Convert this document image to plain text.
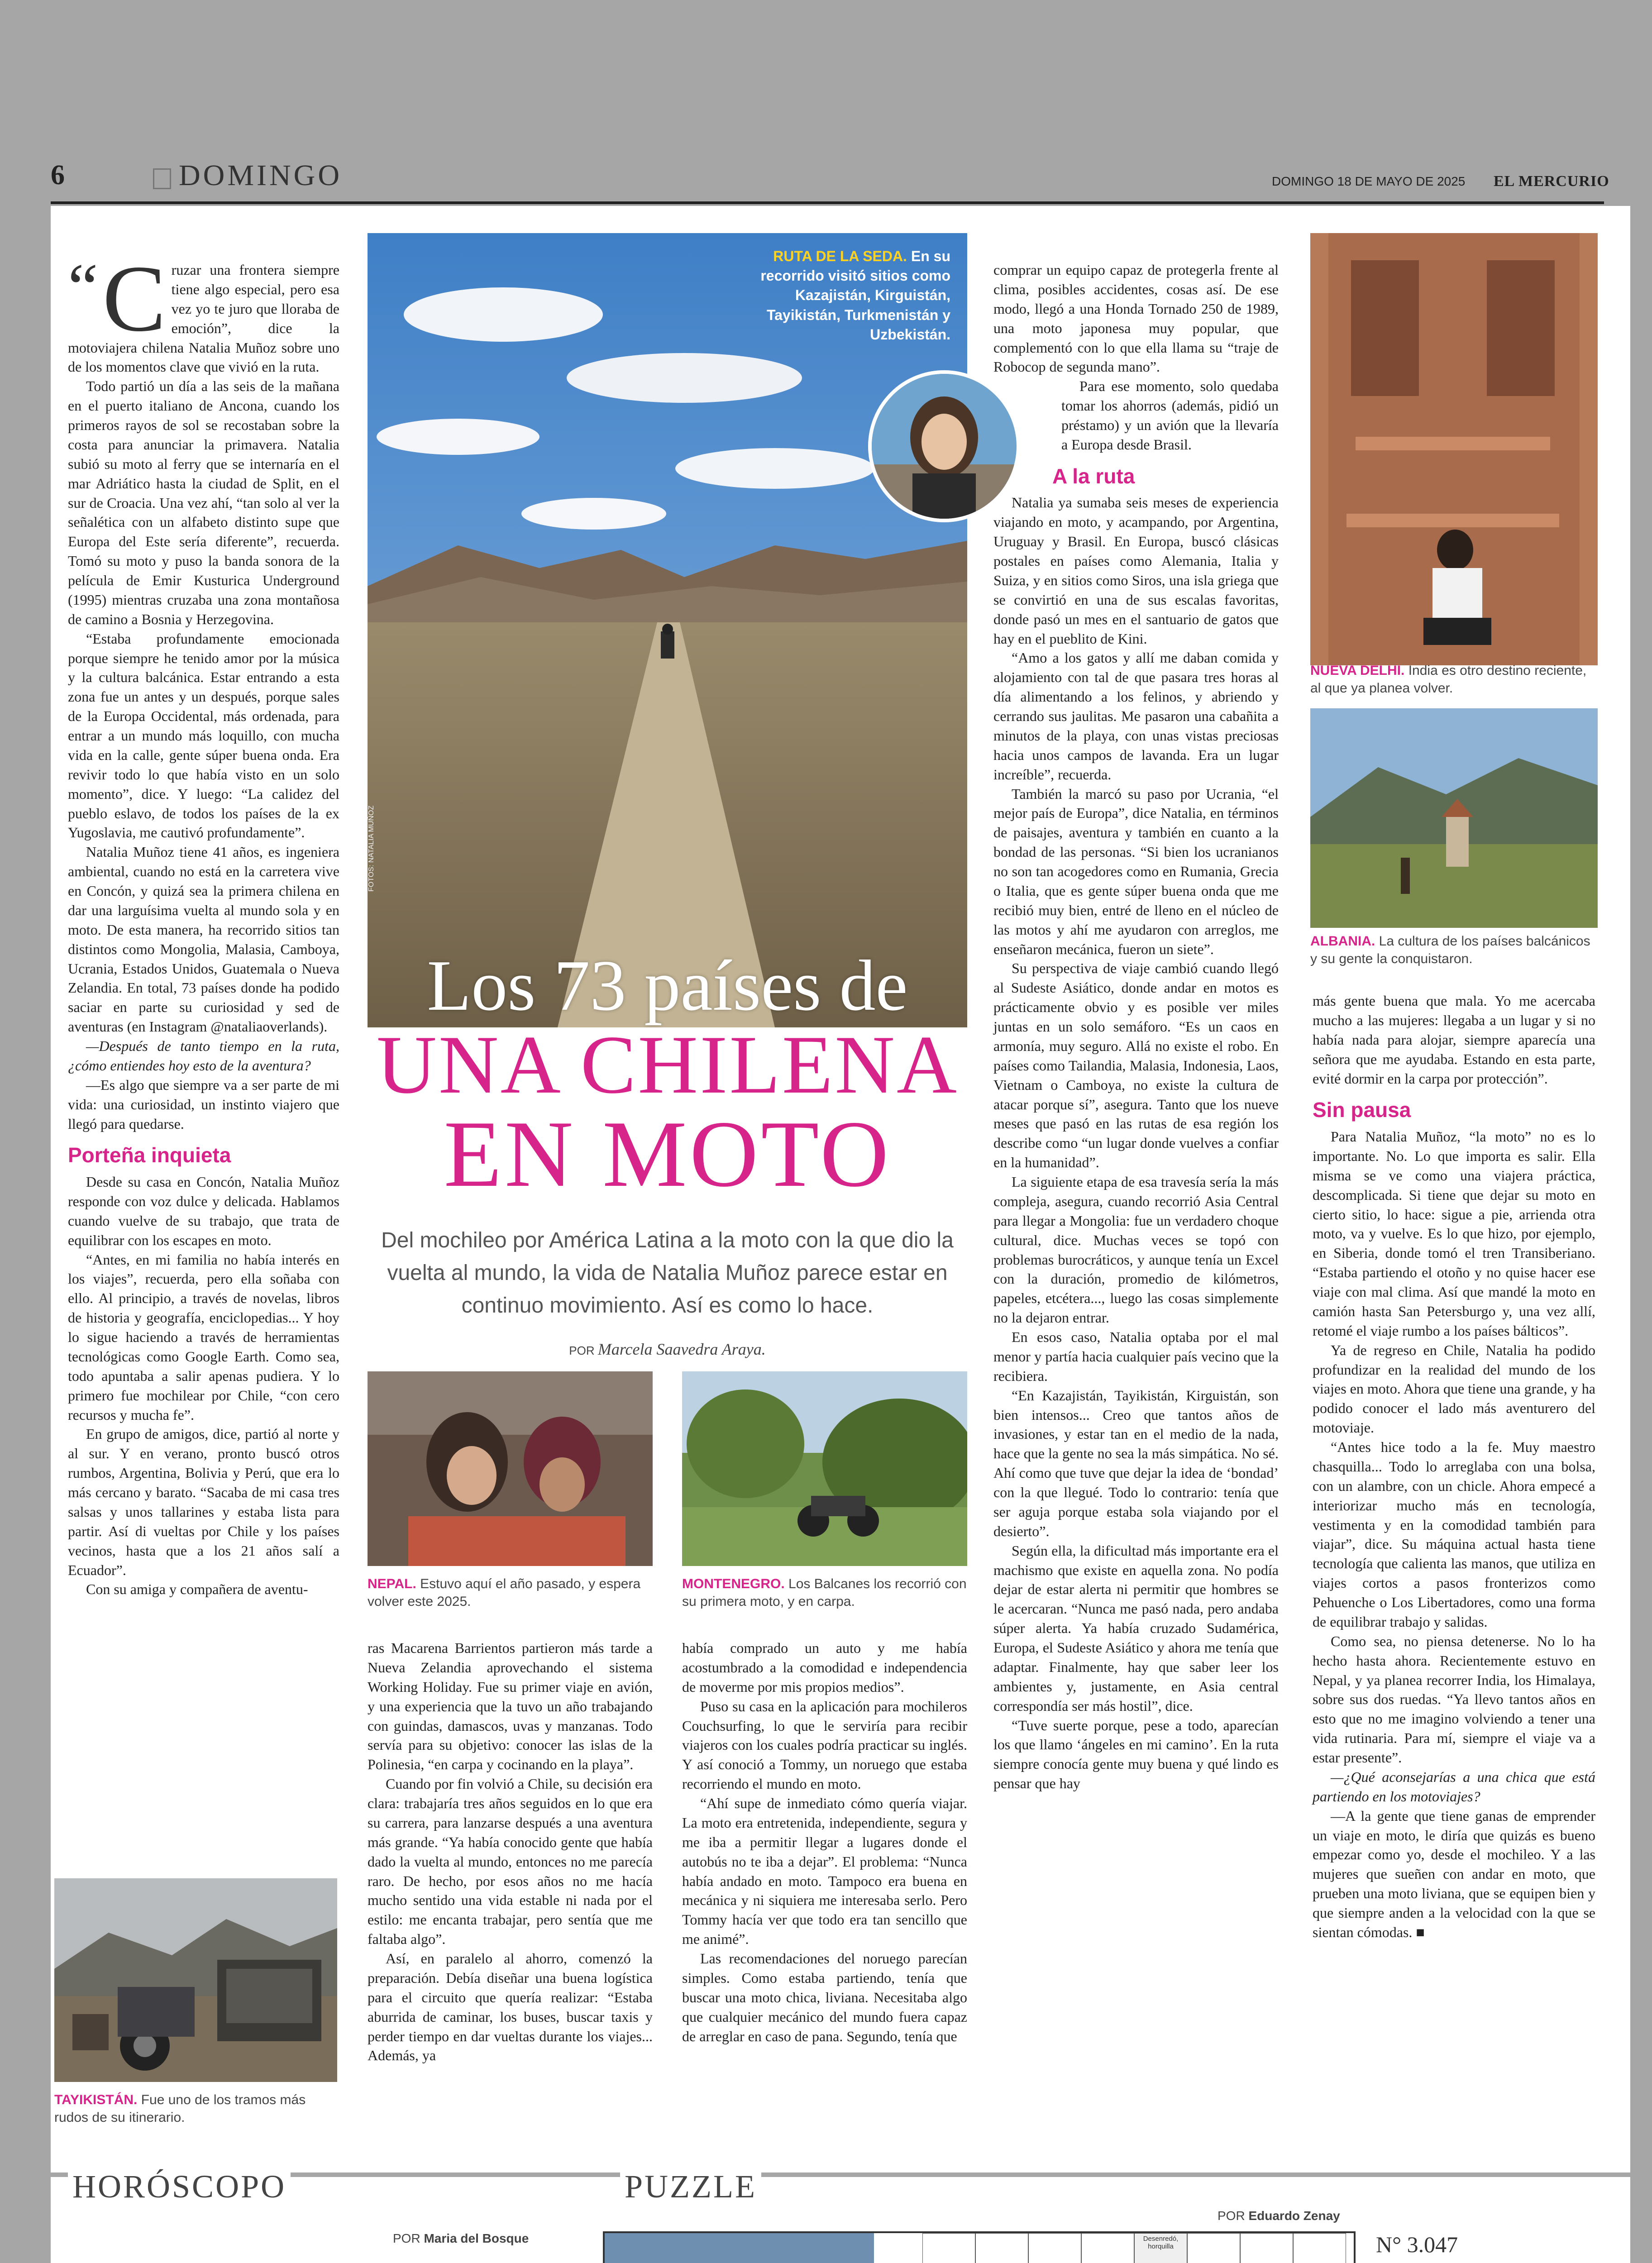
6	DOMINGO	DOMINGO 18 DE MAYO DE 2025 EL MERCURIO

“ C ruzar una frontera siempre tiene algo especial, pero esa vez yo te juro que lloraba de emoción”, dice la motoviajera chilena Natalia Muñoz sobre uno de los momentos clave que vivió en la ruta.

Todo partió un día a las seis de la mañana en el puerto italiano de Ancona, cuando los primeros rayos de sol se recostaban sobre la costa para anunciar la primavera. Natalia subió su moto al ferry que se internaría en el mar Adriático hasta la ciudad de Split, en el sur de Croacia. Una vez ahí, “tan solo al ver la señalética con un alfabeto distinto supe que Europa del Este sería diferente”, recuerda. Tomó su moto y puso la banda sonora de la película de Emir Kusturica Underground (1995) mientras cruzaba una zona montañosa de camino a Bosnia y Herzegovina.

“Estaba profundamente emocionada porque siempre he tenido amor por la música y la cultura balcánica. Estar entrando a esta zona fue un antes y un después, porque sales de la Europa Occidental, más ordenada, para entrar a un mundo más loquillo, con mucha vida en la calle, gente súper buena onda. Era revivir todo lo que había visto en un solo momento”, dice. Y luego: “La calidez del pueblo eslavo, de todos los países de la ex Yugoslavia, me cautivó profundamente”.

Natalia Muñoz tiene 41 años, es ingeniera ambiental, cuando no está en la carretera vive en Concón, y quizá sea la primera chilena en dar una larguísima vuelta al mundo sola y en moto. De esta manera, ha recorrido sitios tan distintos como Mongolia, Malasia, Camboya, Ucrania, Estados Unidos, Guatemala o Nueva Zelandia. En total, 73 países donde ha podido saciar en parte su curiosidad y sed de aventuras (en Instagram @nataliaoverlands).

—Después de tanto tiempo en la ruta, ¿cómo entiendes hoy esto de la aventura?

—Es algo que siempre va a ser parte de mi vida: una curiosidad, un instinto viajero que llegó para quedarse.

Porteña inquieta

Desde su casa en Concón, Natalia Muñoz responde con voz dulce y delicada. Hablamos cuando vuelve de su trabajo, que trata de equilibrar con los escapes en moto.

“Antes, en mi familia no había interés en los viajes”, recuerda, pero ella soñaba con ello. Al principio, a través de novelas, libros de historia y geografía, enciclopedias... Y hoy lo sigue haciendo a través de herramientas tecnológicas como Google Earth. Como sea, todo apuntaba a salir apenas pudiera. Y lo primero fue mochilear por Chile, “con cero recursos y mucha fe”.

En grupo de amigos, dice, partió al norte y al sur. Y en verano, pronto buscó otros rumbos, Argentina, Bolivia y Perú, que era lo más cercano y barato. “Sacaba de mi casa tres salsas y unos tallarines y estaba lista para partir. Así di vueltas por Chile y los países vecinos, hasta que a los 21 años salí a Ecuador”.

Con su amiga y compañera de aventu-

TAYIKISTÁN. Fue uno de los tramos más rudos de su itinerario.
FOTOS: NATALIA MUÑOZ
RUTA DE LA SEDA. En su recorrido visitó sitios como Kazajistán, Kirguistán, Tayikistán, Turkmenistán y Uzbekistán.
Los 73 países de
UNA CHILENA
EN MOTO
Del mochileo por América Latina a la moto con la que dio la vuelta al mundo, la vida de Natalia Muñoz parece estar en continuo movimiento. Así es como lo hace.
POR Marcela Saavedra Araya.
NEPAL. Estuvo aquí el año pasado, y espera volver este 2025.
MONTENEGRO. Los Balcanes los recorrió con su primera moto, y en carpa.

ras Macarena Barrientos partieron más tarde a Nueva Zelandia aprovechando el sistema Working Holiday. Fue su primer viaje en avión, y una experiencia que la tuvo un año trabajando con guindas, damascos, uvas y manzanas. Todo servía para su objetivo: conocer las islas de la Polinesia, “en carpa y cocinando en la playa”.

Cuando por fin volvió a Chile, su decisión era clara: trabajaría tres años seguidos en lo que era su carrera, para lanzarse después a una aventura más grande. “Ya había conocido gente que había dado la vuelta al mundo, entonces no me parecía raro. De hecho, por esos años no me hacía mucho sentido una vida estable ni nada por el estilo: me encanta trabajar, pero sentía que me faltaba algo”.

Así, en paralelo al ahorro, comenzó la preparación. Debía diseñar una buena logística para el circuito que quería realizar: “Estaba aburrida de caminar, los buses, buscar taxis y perder tiempo en dar vueltas durante los viajes... Además, ya

había comprado un auto y me había acostumbrado a la comodidad e independencia de moverme por mis propios medios”.

Puso su casa en la aplicación para mochileros Couchsurfing, lo que le serviría para recibir viajeros con los cuales podría practicar su inglés. Y así conoció a Tommy, un noruego que estaba recorriendo el mundo en moto.

“Ahí supe de inmediato cómo quería viajar. La moto era entretenida, independiente, segura y me iba a permitir llegar a lugares donde el autobús no te iba a dejar”. El problema: “Nunca había andado en moto. Tampoco era buena en mecánica y ni siquiera me interesaba serlo. Pero Tommy hacía ver que todo era tan sencillo que me animé”.

Las recomendaciones del noruego parecían simples. Como estaba partiendo, tenía que buscar una moto chica, liviana. Necesitaba algo que cualquier mecánico del mundo fuera capaz de arreglar en caso de pana. Segundo, tenía que

comprar un equipo capaz de protegerla frente al clima, posibles accidentes, cosas así. De ese modo, llegó a una Honda Tornado 250 de 1989, una moto japonesa muy popular, que complementó con lo que ella llama su “traje de Robocop de segunda mano”.

Para ese momento, solo quedaba tomar los ahorros (además, pidió un préstamo) y un avión que la llevaría a Europa desde Brasil.

A la ruta

Natalia ya sumaba seis meses de experiencia viajando en moto, y acampando, por Argentina, Uruguay y Brasil. En Europa, buscó clásicas postales en países como Alemania, Italia y Suiza, y en sitios como Siros, una isla griega que se convirtió en una de sus escalas favoritas, donde pasó un mes en el santuario de gatos que hay en el pueblito de Kini.

“Amo a los gatos y allí me daban comida y alojamiento con tal de que pasara tres horas al día alimentando a los felinos, y abriendo y cerrando sus jaulitas. Me pasaron una cabañita a minutos de la playa, con unas vistas preciosas hacia unos campos de lavanda. Era un lugar increíble”, recuerda.

También la marcó su paso por Ucrania, “el mejor país de Europa”, dice Natalia, en términos de paisajes, aventura y también en cuanto a la bondad de las personas. “Si bien los ucranianos no son tan acogedores como en Rumania, Grecia o Italia, que es gente súper buena onda que me recibió muy bien, entré de lleno en el núcleo de las motos y ahí me ayudaron con arreglos, me enseñaron mecánica, fueron un siete”.

Su perspectiva de viaje cambió cuando llegó al Sudeste Asiático, donde andar en motos es prácticamente obvio y es posible ver miles juntas en un solo semáforo. “Es un caos en armonía, muy seguro. Allá no existe el robo. En países como Tailandia, Malasia, Indonesia, Laos, Vietnam o Camboya, no existe la cultura de atacar porque sí”, asegura. Tanto que los nueve meses que pasó en las rutas de esa región los describe como “un lugar donde vuelves a confiar en la humanidad”.

La siguiente etapa de esa travesía sería la más compleja, asegura, cuando recorrió Asia Central para llegar a Mongolia: fue un verdadero choque cultural, dice. Muchas veces se topó con problemas burocráticos, y aunque tenía un Excel con la duración, promedio de kilómetros, papeles, etcétera..., luego las cosas simplemente no la dejaron entrar.

En esos caso, Natalia optaba por el mal menor y partía hacia cualquier país vecino que la recibiera.

“En Kazajistán, Tayikistán, Kirguistán, son bien intensos... Creo que tantos años de invasiones, y estar tan en el medio de la nada, hace que la gente no sea la más simpática. No sé. Ahí como que tuve que dejar la idea de ‘bondad’ con la que llegué. Todo lo contrario: tenía que ser aguja porque estaba sola viajando por el desierto”.

Según ella, la dificultad más importante era el machismo que existe en aquella zona. No podía dejar de estar alerta ni permitir que hombres se le acercaran. “Nunca me pasó nada, pero andaba súper alerta. Ya había cruzado Sudamérica, Europa, el Sudeste Asiático y ahora me tenía que adaptar. Finalmente, hay que saber leer los ambientes y, justamente, en Asia central correspondía ser más hostil”, dice.

“Tuve suerte porque, pese a todo, aparecían los que llamo ‘ángeles en mi camino’. En la ruta siempre conocía gente muy buena y qué lindo es pensar que hay

NUEVA DELHI. India es otro destino reciente, al que ya planea volver.
ALBANIA. La cultura de los países balcánicos y su gente la conquistaron.

más gente buena que mala. Yo me acercaba mucho a las mujeres: llegaba a un lugar y si no había nada para alojar, siempre aparecía una señora que me ayudaba. Estando en esta parte, evité dormir en la carpa por protección”.

Sin pausa

Para Natalia Muñoz, “la moto” no es lo importante. No. Lo que importa es salir. Ella misma se ve como una viajera práctica, descomplicada. Si tiene que dejar su moto en cierto sitio, lo hace: sigue a pie, arrienda otra moto, va y vuelve. Es lo que hizo, por ejemplo, en Siberia, donde tomó el tren Transiberiano. “Estaba partiendo el otoño y no quise hacer ese viaje con mal clima. Así que mandé la moto en camión hasta San Petersburgo y, una vez allí, retomé el viaje rumbo a los países bálticos”.

Ya de regreso en Chile, Natalia ha podido profundizar en la realidad del mundo de los viajes en moto. Ahora que tiene una grande, y ha podido conocer el lado más aventurero del motoviaje.

“Antes hice todo a la fe. Muy maestro chasquilla... Todo lo arreglaba con una bolsa, con un alambre, con un chicle. Ahora empecé a interiorizar mucho más en tecnología, vestimenta y en la comodidad también para viajar”, dice. Su máquina actual hasta tiene tecnología que calienta las manos, que utiliza en viajes cortos a pasos fronterizos como Pehuenche o Los Libertadores, como una forma de equilibrar trabajo y salidas.

Como sea, no piensa detenerse. No lo ha hecho hasta ahora. Recientemente estuvo en Nepal, y ya planea recorrer India, los Himalaya, sobre sus dos ruedas. “Ya llevo tantos años en esto que no me imagino volviendo a tener una vida rutinaria. Para mí, siempre el viaje va a estar presente”.

—¿Qué aconsejarías a una chica que está partiendo en los motoviajes?

—A la gente que tiene ganas de emprender un viaje en moto, le diría que quizás es bueno empezar como yo, desde el mochileo. Y a las mujeres que sueñen con andar en moto, que prueben una moto liviana, que se equipen bien y que siempre anden a la velocidad con la que se sientan cómodas. ■

HORÓSCOPO	PUZZLE
POR Maria del Bosque
POR Eduardo Zenay
Desenredó, horquilla	N° 3.047
